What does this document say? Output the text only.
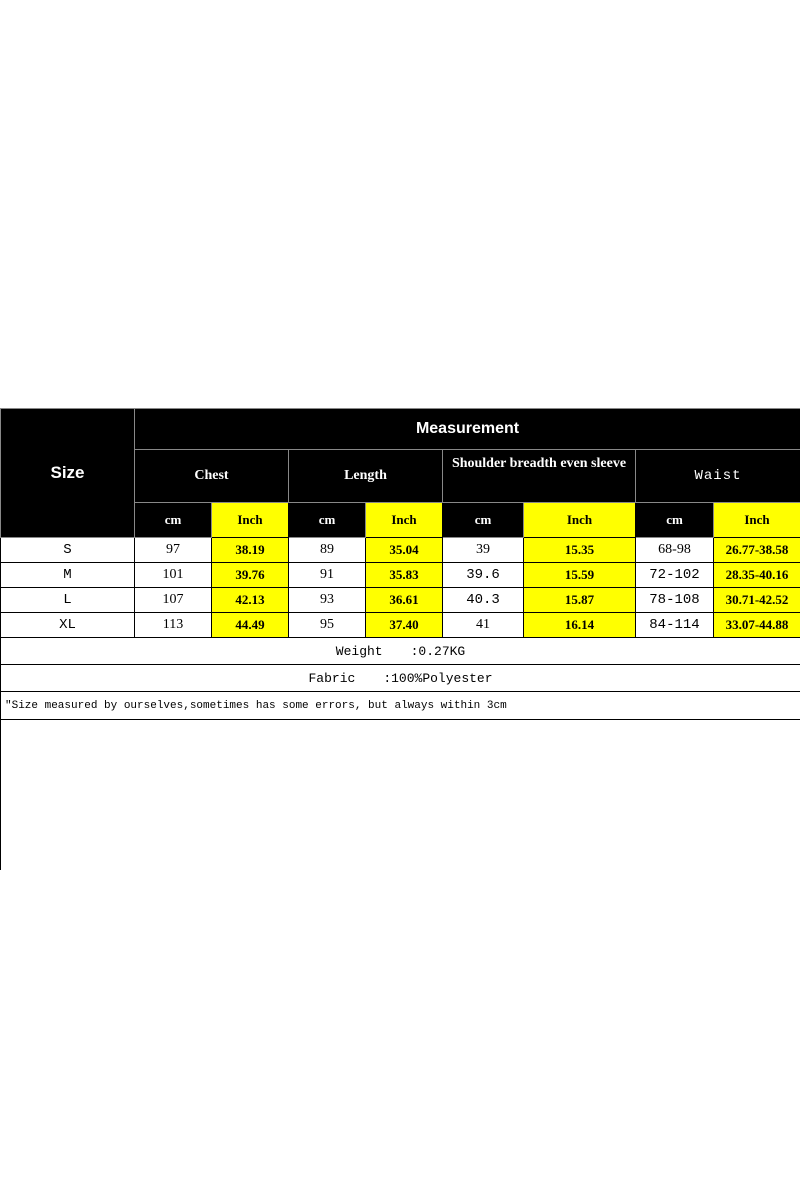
Size	Measurement							
	Chest		Length		Shoulder breadth even sleeve		Waist	
	cm	Inch	cm	Inch	cm	Inch	cm	Inch
S	97	38.19	89	35.04	39	15.35	68-98	26.77-38.58
M	101	39.76	91	35.83	39.6	15.59	72-102	28.35-40.16
L	107	42.13	93	36.61	40.3	15.87	78-108	30.71-42.52
XL	113	44.49	95	37.40	41	16.14	84-114	33.07-44.88
Weight :0.27KG								
Fabric :100%Polyester								
"Size measured by ourselves,sometimes has some errors, but always within 3cm								
